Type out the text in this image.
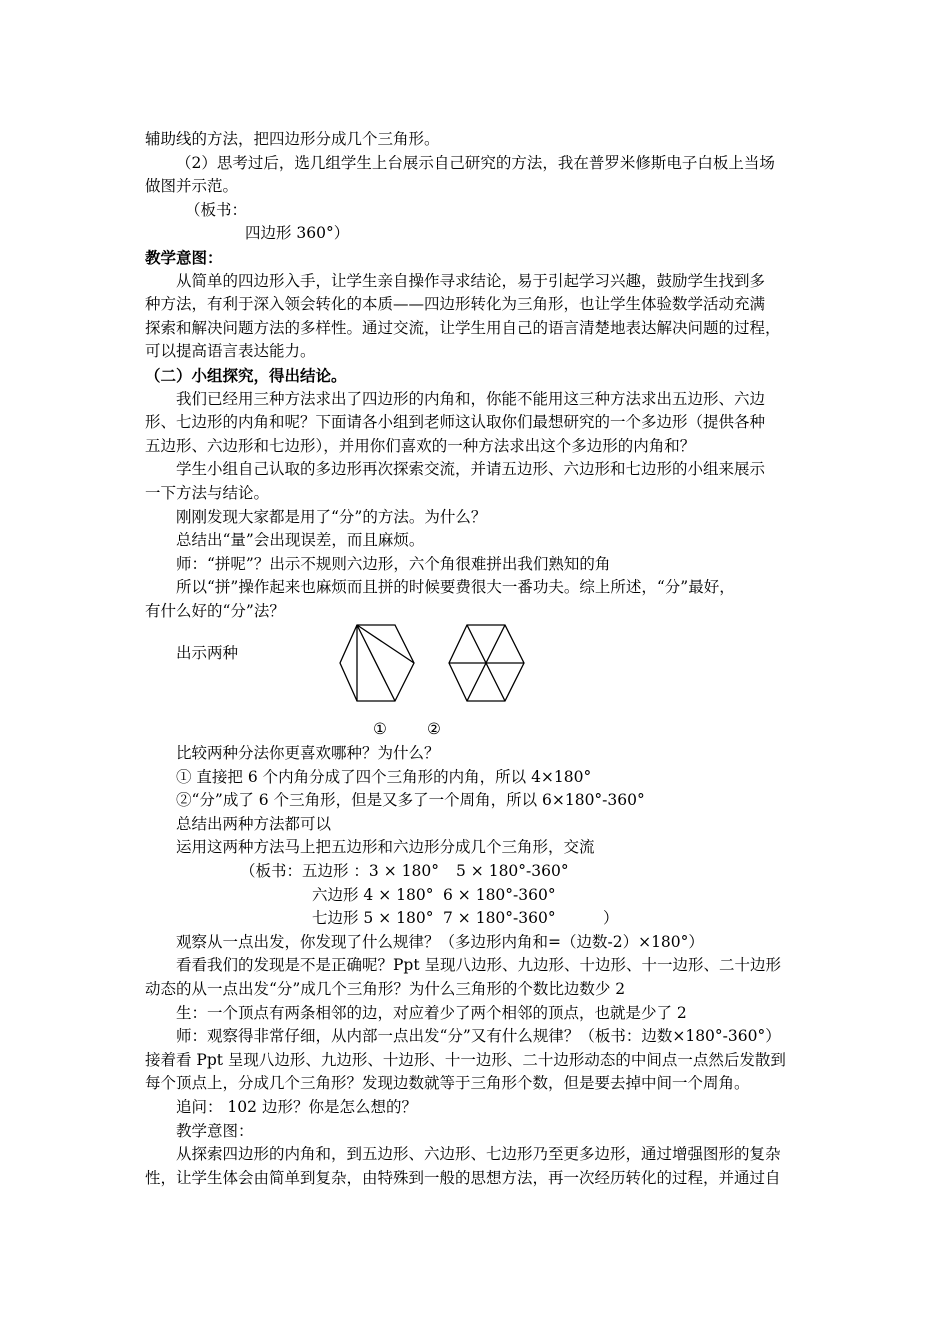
辅助线的方法，把四边形分成几个三角形。
（2）思考过后，选几组学生上台展示自己研究的方法，我在普罗米修斯电子白板上当场
做图并示范。
（板书：
四边形 360°）
教学意图：
从简单的四边形入手，让学生亲自操作寻求结论，易于引起学习兴趣，鼓励学生找到多
种方法，有利于深入领会转化的本质——四边形转化为三角形，也让学生体验数学活动充满
探索和解决问题方法的多样性。通过交流，让学生用自己的语言清楚地表达解决问题的过程，
可以提高语言表达能力。
（二）小组探究，得出结论。
我们已经用三种方法求出了四边形的内角和，你能不能用这三种方法求出五边形、六边
形、七边形的内角和呢？下面请各小组到老师这认取你们最想研究的一个多边形（提供各种
五边形、六边形和七边形），并用你们喜欢的一种方法求出这个多边形的内角和？
学生小组自己认取的多边形再次探索交流，并请五边形、六边形和七边形的小组来展示
一下方法与结论。
刚刚发现大家都是用了“分”的方法。为什么？
总结出“量”会出现误差，而且麻烦。
师：“拼呢”？出示不规则六边形，六个角很难拼出我们熟知的角
所以“拼”操作起来也麻烦而且拼的时候要费很大一番功夫。综上所述，“分”最好，
有什么好的“分”法？
出示两种
①	②
比较两种分法你更喜欢哪种？为什么？
① 直接把 6 个内角分成了四个三角形的内角，所以 4×180°
②“分”成了 6 个三角形，但是又多了一个周角，所以 6×180°-360°
总结出两种方法都可以
运用这两种方法马上把五边形和六边形分成几个三角形，交流
（板书：五边形 ：3 × 180° 5 × 180°-360°
六边形 4 × 180° 6 × 180°-360°
七边形 5 × 180° 7 × 180°-360°	）
观察从一点出发，你发现了什么规律？（多边形内角和=（边数-2）×180°）
看看我们的发现是不是正确呢？Ppt 呈现八边形、九边形、十边形、十一边形、二十边形
动态的从一点出发“分”成几个三角形？为什么三角形的个数比边数少 2
生：一个顶点有两条相邻的边，对应着少了两个相邻的顶点，也就是少了 2
师：观察得非常仔细，从内部一点出发“分”又有什么规律？（板书：边数×180°-360°）
接着看 Ppt 呈现八边形、九边形、十边形、十一边形、二十边形动态的中间点一点然后发散到
每个顶点上，分成几个三角形？发现边数就等于三角形个数，但是要去掉中间一个周角。
追问： 102 边形？你是怎么想的？
教学意图：
从探索四边形的内角和，到五边形、六边形、七边形乃至更多边形，通过增强图形的复杂
性，让学生体会由简单到复杂，由特殊到一般的思想方法，再一次经历转化的过程，并通过自
